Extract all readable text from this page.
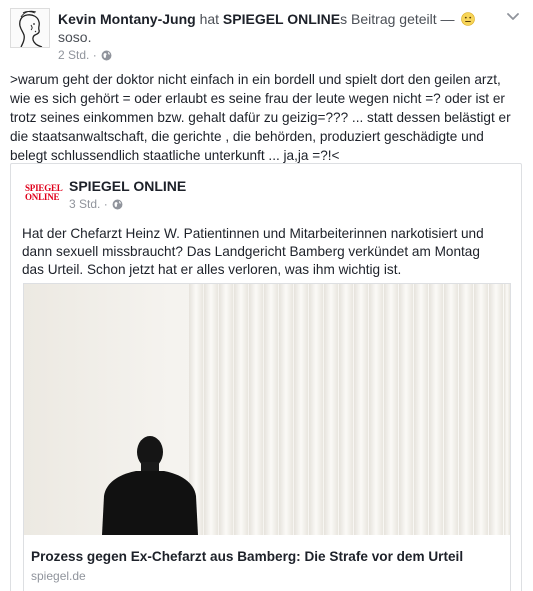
Kevin Montany-Jung hat SPIEGEL ONLINEs Beitrag geteilt —
soso.
2 Std. ·

>warum geht der doktor nicht einfach in ein bordell und spielt dort den geilen arzt,

wie es sich gehört = oder erlaubt es seine frau der leute wegen nicht =? oder ist er

trotz seines einkommen bzw. gehalt dafür zu geizig=??? ... statt dessen belästigt er

die staatsanwaltschaft, die gerichte , die behörden, produziert geschädigte und

belegt schlussendlich staatliche unterkunft ... ja,ja =?!<

SPIEGEL
ONLINE
SPIEGEL ONLINE
3 Std. ·

Hat der Chefarzt Heinz W. Patientinnen und Mitarbeiterinnen narkotisiert und

dann sexuell missbraucht? Das Landgericht Bamberg verkündet am Montag

das Urteil. Schon jetzt hat er alles verloren, was ihm wichtig ist.

Prozess gegen Ex-Chefarzt aus Bamberg: Die Strafe vor dem Urteil
spiegel.de
